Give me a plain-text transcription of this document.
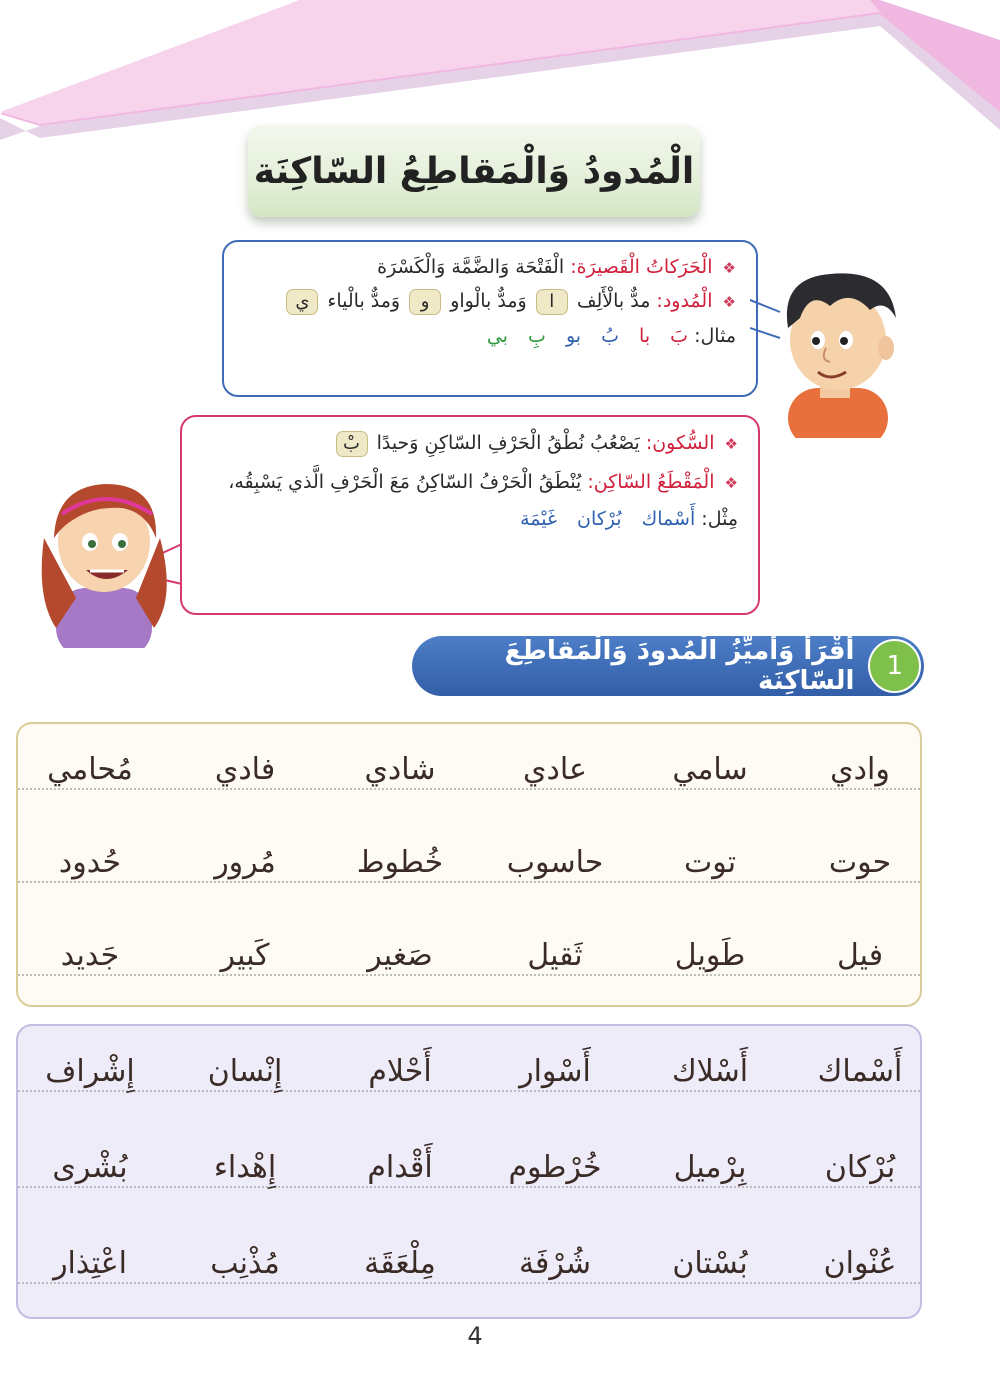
الْمُدودُ وَالْمَقاطِعُ السّاكِنَة
❖ الْحَرَكاتُ الْقَصيرَة: الْفَتْحَة وَالضَّمَّة وَالْكَسْرَة
❖ الْمُدود: مدٌّ بالْأَلِف ا وَمدٌّ بالْواو و وَمدٌّ بالْياء ي
مثال: بَ با بُ بو بِ بي
❖ السُّكون: يَصْعُبُ نُطْقُ الْحَرْفِ السّاكِنِ وَحيدًا بْ
❖ الْمَقْطَعُ السّاكِن: يُنْطَقُ الْحَرْفُ السّاكِنُ مَعَ الْحَرْفِ الَّذي يَسْبِقُه،
مِثْل: أَسْماك بُرْكان غَيْمَة
1
أَقْرَأُ وَأُميِّزُ الْمُدودَ وَالْمَقاطِعَ السّاكِنَة
وادي
سامي
عادي
شادي
فادي
مُحامي
حوت
توت
حاسوب
خُطوط
مُرور
حُدود
فيل
طَويل
ثَقيل
صَغير
كَبير
جَديد
أَسْماك
أَسْلاك
أَسْوار
أَحْلام
إِنْسان
إِشْراف
بُرْكان
بِرْميل
خُرْطوم
أَقْدام
إِهْداء
بُشْرى
عُنْوان
بُسْتان
شُرْفَة
مِلْعَقَة
مُذْنِب
اعْتِذار
4
